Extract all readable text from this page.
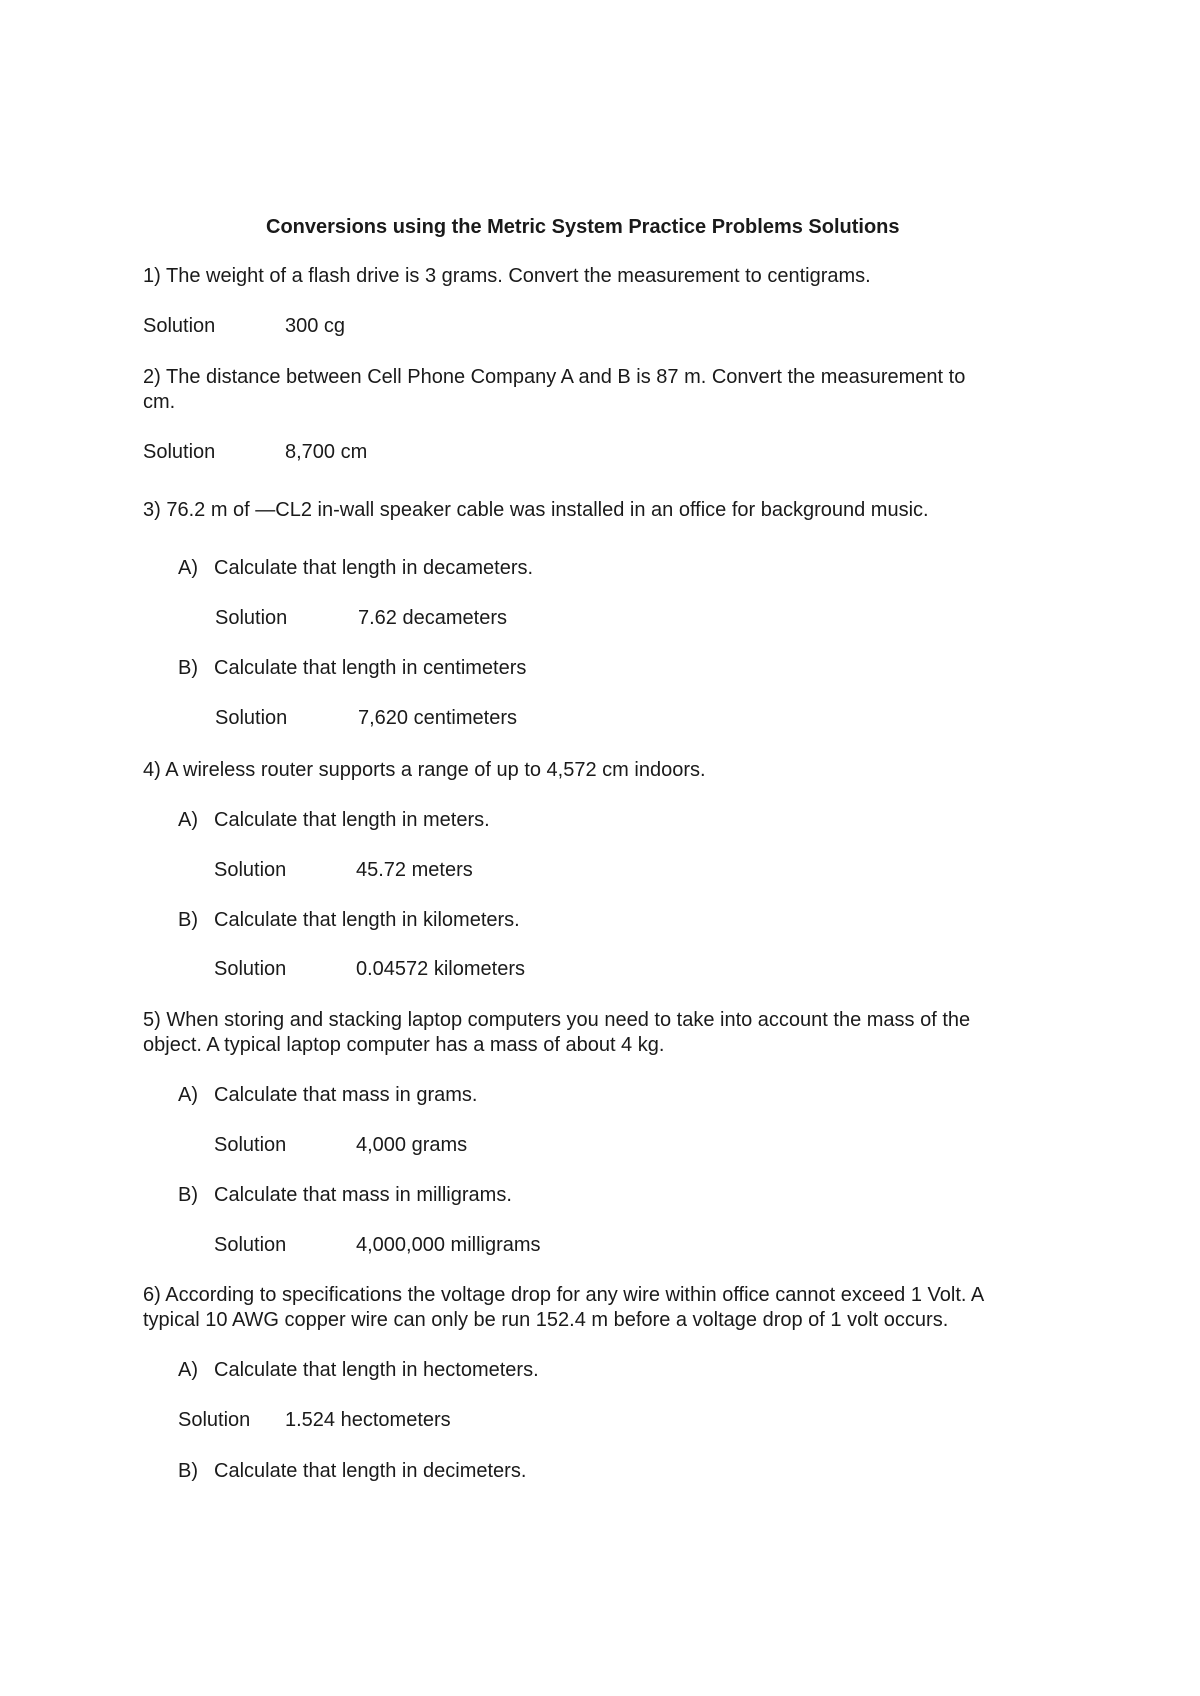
Conversions using the Metric System Practice Problems Solutions
1) The weight of a flash drive is 3 grams. Convert the measurement to centigrams.
Solution	300 cg
2) The distance between Cell Phone Company A and B is 87 m. Convert the measurement to
cm.
Solution	8,700 cm
3) 76.2 m of —CL2 in-wall speaker cable was installed in an office for background music.
A) Calculate that length in decameters.
Solution	7.62 decameters
B) Calculate that length in centimeters
Solution	7,620 centimeters
4) A wireless router supports a range of up to 4,572 cm indoors.
A) Calculate that length in meters.
Solution	45.72 meters
B) Calculate that length in kilometers.
Solution	0.04572 kilometers
5) When storing and stacking laptop computers you need to take into account the mass of the
object. A typical laptop computer has a mass of about 4 kg.
A) Calculate that mass in grams.
Solution	4,000 grams
B) Calculate that mass in milligrams.
Solution	4,000,000 milligrams
6) According to specifications the voltage drop for any wire within office cannot exceed 1 Volt. A
typical 10 AWG copper wire can only be run 152.4 m before a voltage drop of 1 volt occurs.
A) Calculate that length in hectometers.
Solution 1.524 hectometers
B) Calculate that length in decimeters.
